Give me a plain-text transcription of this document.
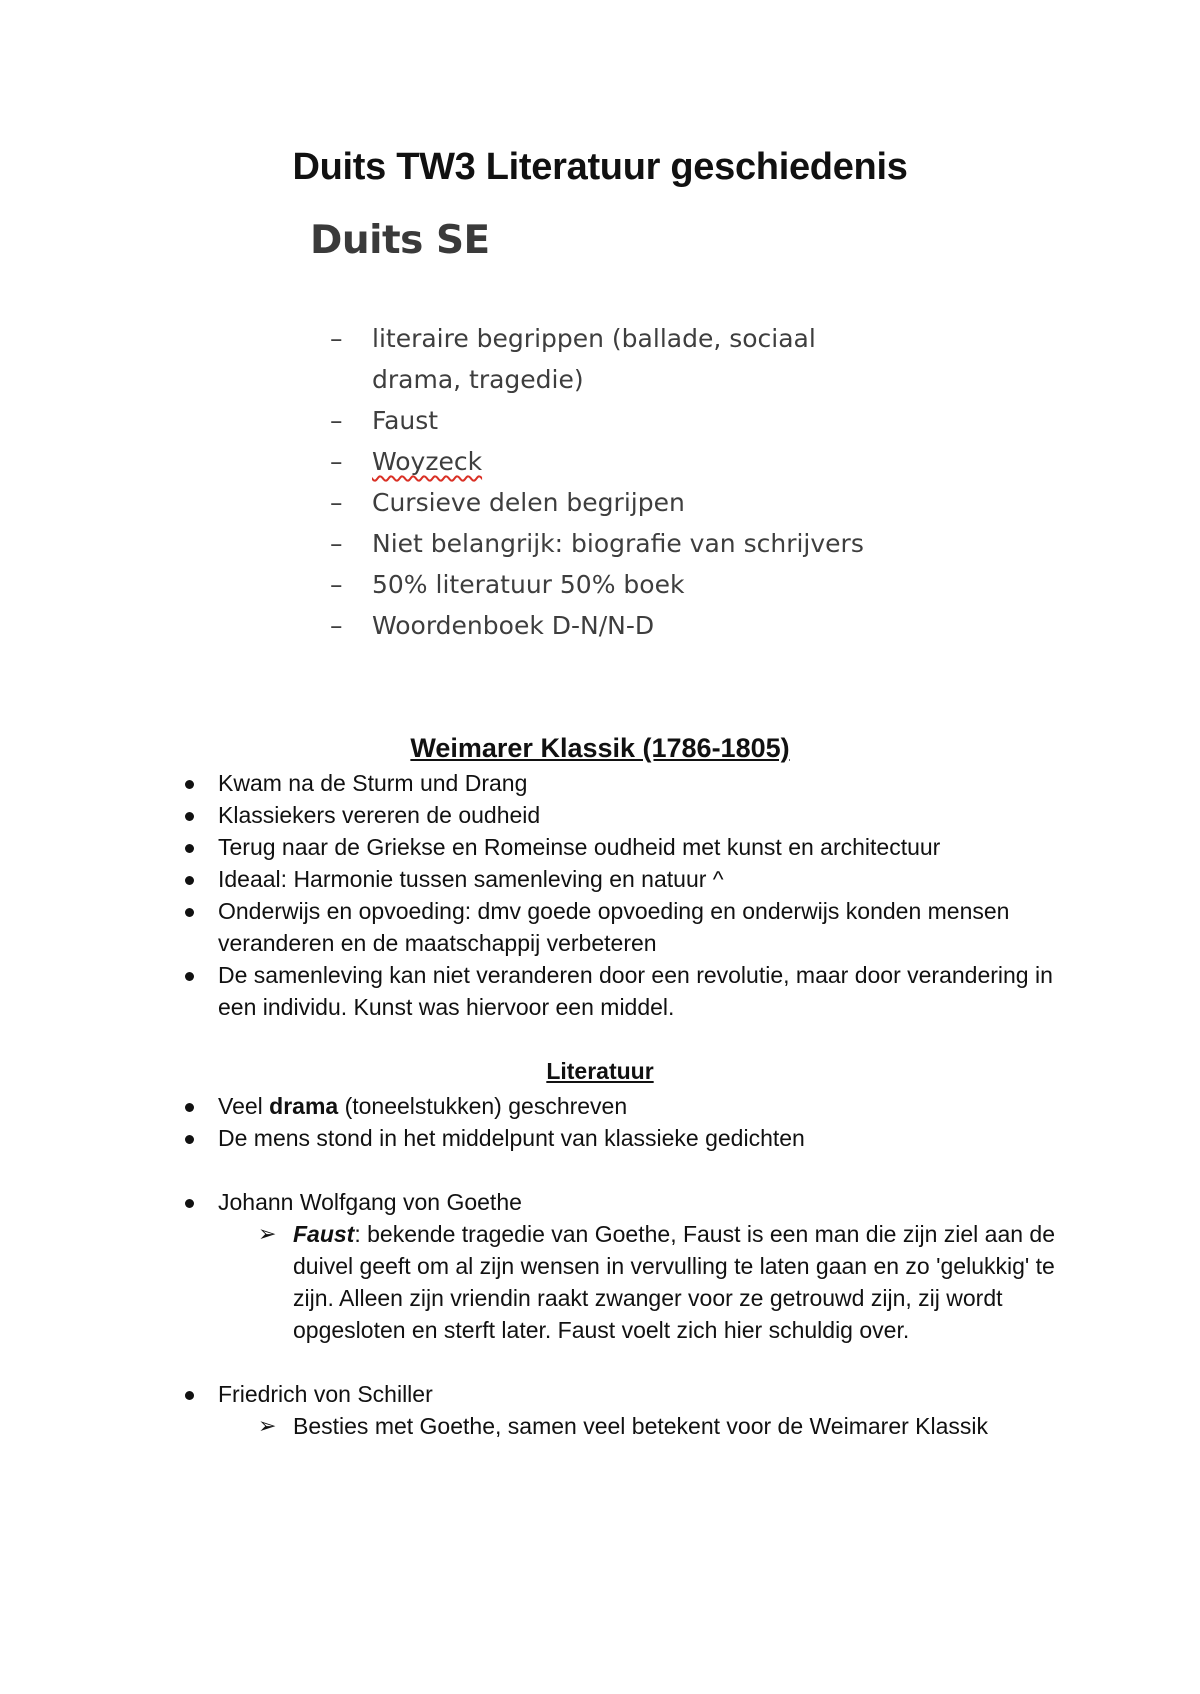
Duits TW3 Literatuur geschiedenis
Duits SE
– literaire begrippen (ballade, sociaal
drama, tragedie)
– Faust
– Woyzeck
– Cursieve delen begrijpen
– Niet belangrijk: biografie van schrijvers
– 50% literatuur 50% boek
– Woordenboek D-N/N-D
Weimarer Klassik (1786-1805)
Kwam na de Sturm und Drang
Klassiekers vereren de oudheid
Terug naar de Griekse en Romeinse oudheid met kunst en architectuur
Ideaal: Harmonie tussen samenleving en natuur ^
Onderwijs en opvoeding: dmv goede opvoeding en onderwijs konden mensen veranderen en de maatschappij verbeteren
De samenleving kan niet veranderen door een revolutie, maar door verandering in een individu. Kunst was hiervoor een middel.
Literatuur
Veel drama (toneelstukken) geschreven
De mens stond in het middelpunt van klassieke gedichten
Johann Wolfgang von Goethe
➢ Faust: bekende tragedie van Goethe, Faust is een man die zijn ziel aan de duivel geeft om al zijn wensen in vervulling te laten gaan en zo 'gelukkig' te zijn. Alleen zijn vriendin raakt zwanger voor ze getrouwd zijn, zij wordt opgesloten en sterft later. Faust voelt zich hier schuldig over.
Friedrich von Schiller
➢ Besties met Goethe, samen veel betekent voor de Weimarer Klassik
